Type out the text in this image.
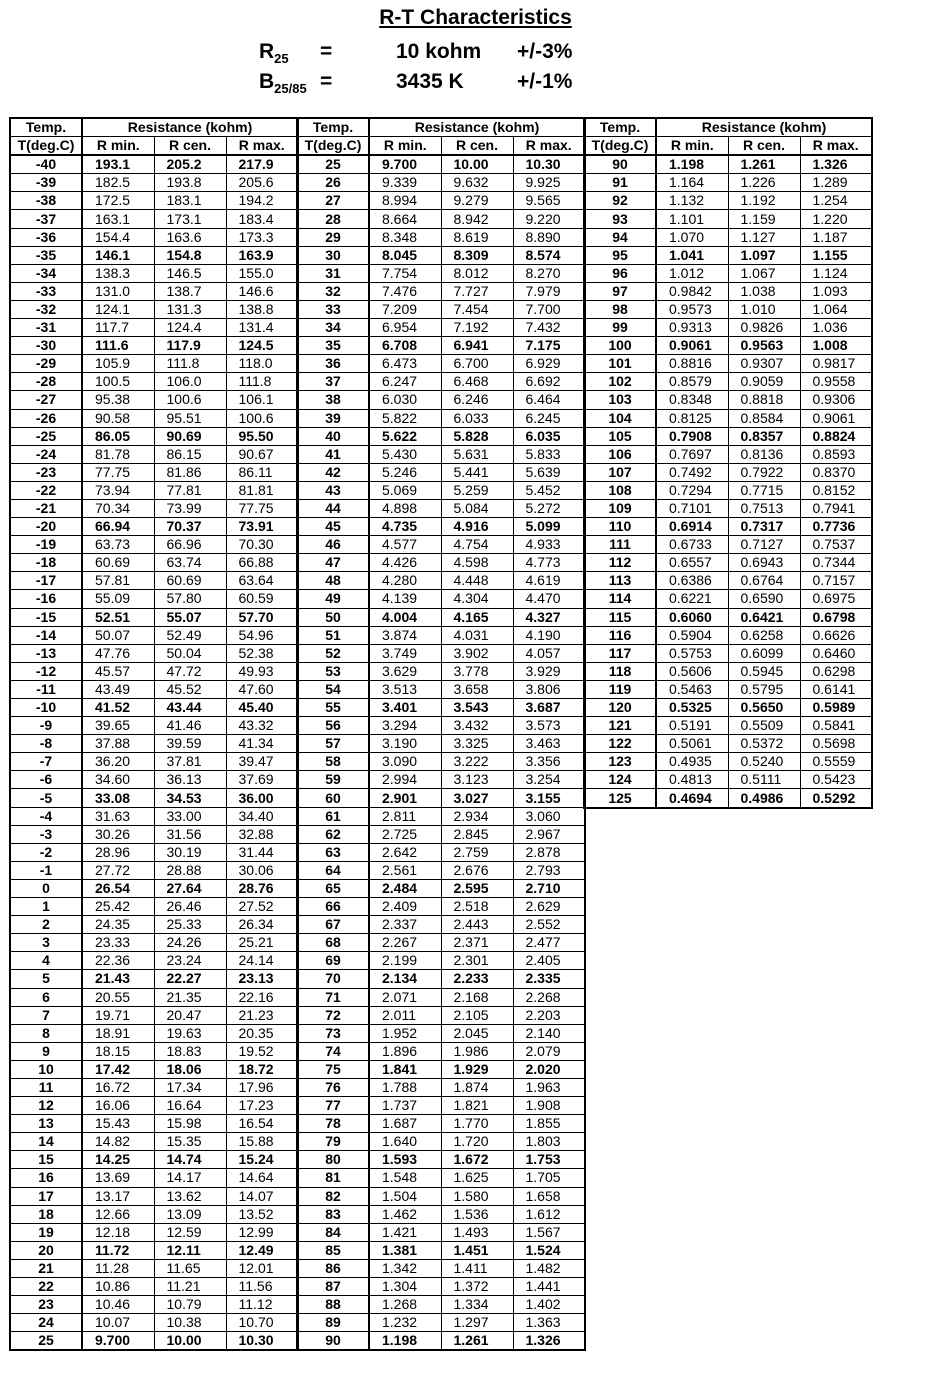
R-T Characteristics
$R_{25}$	=	10 kohm	+/-3%
$B_{25/85}$ =	3435 K	+/-1%
Temp.	Resistance (kohm)		
T(deg.C)	R min.	R cen.	R max.
-40	193.1	205.2	217.9
-39	182.5	193.8	205.6
-38	172.5	183.1	194.2
-37	163.1	173.1	183.4
-36	154.4	163.6	173.3
-35	146.1	154.8	163.9
-34	138.3	146.5	155.0
-33	131.0	138.7	146.6
-32	124.1	131.3	138.8
-31	117.7	124.4	131.4
-30	111.6	117.9	124.5
-29	105.9	111.8	118.0
-28	100.5	106.0	111.8
-27	95.38	100.6	106.1
-26	90.58	95.51	100.6
-25	86.05	90.69	95.50
-24	81.78	86.15	90.67
-23	77.75	81.86	86.11
-22	73.94	77.81	81.81
-21	70.34	73.99	77.75
-20	66.94	70.37	73.91
-19	63.73	66.96	70.30
-18	60.69	63.74	66.88
-17	57.81	60.69	63.64
-16	55.09	57.80	60.59
-15	52.51	55.07	57.70
-14	50.07	52.49	54.96
-13	47.76	50.04	52.38
-12	45.57	47.72	49.93
-11	43.49	45.52	47.60
-10	41.52	43.44	45.40
-9	39.65	41.46	43.32
-8	37.88	39.59	41.34
-7	36.20	37.81	39.47
-6	34.60	36.13	37.69
-5	33.08	34.53	36.00
-4	31.63	33.00	34.40
-3	30.26	31.56	32.88
-2	28.96	30.19	31.44
-1	27.72	28.88	30.06
0	26.54	27.64	28.76
1	25.42	26.46	27.52
2	24.35	25.33	26.34
3	23.33	24.26	25.21
4	22.36	23.24	24.14
5	21.43	22.27	23.13
6	20.55	21.35	22.16
7	19.71	20.47	21.23
8	18.91	19.63	20.35
9	18.15	18.83	19.52
10	17.42	18.06	18.72
11	16.72	17.34	17.96
12	16.06	16.64	17.23
13	15.43	15.98	16.54
14	14.82	15.35	15.88
15	14.25	14.74	15.24
16	13.69	14.17	14.64
17	13.17	13.62	14.07
18	12.66	13.09	13.52
19	12.18	12.59	12.99
20	11.72	12.11	12.49
21	11.28	11.65	12.01
22	10.86	11.21	11.56
23	10.46	10.79	11.12
24	10.07	10.38	10.70
25	9.700	10.00	10.30
Temp.	Resistance (kohm)		
T(deg.C)	R min.	R cen.	R max.
25	9.700	10.00	10.30
26	9.339	9.632	9.925
27	8.994	9.279	9.565
28	8.664	8.942	9.220
29	8.348	8.619	8.890
30	8.045	8.309	8.574
31	7.754	8.012	8.270
32	7.476	7.727	7.979
33	7.209	7.454	7.700
34	6.954	7.192	7.432
35	6.708	6.941	7.175
36	6.473	6.700	6.929
37	6.247	6.468	6.692
38	6.030	6.246	6.464
39	5.822	6.033	6.245
40	5.622	5.828	6.035
41	5.430	5.631	5.833
42	5.246	5.441	5.639
43	5.069	5.259	5.452
44	4.898	5.084	5.272
45	4.735	4.916	5.099
46	4.577	4.754	4.933
47	4.426	4.598	4.773
48	4.280	4.448	4.619
49	4.139	4.304	4.470
50	4.004	4.165	4.327
51	3.874	4.031	4.190
52	3.749	3.902	4.057
53	3.629	3.778	3.929
54	3.513	3.658	3.806
55	3.401	3.543	3.687
56	3.294	3.432	3.573
57	3.190	3.325	3.463
58	3.090	3.222	3.356
59	2.994	3.123	3.254
60	2.901	3.027	3.155
61	2.811	2.934	3.060
62	2.725	2.845	2.967
63	2.642	2.759	2.878
64	2.561	2.676	2.793
65	2.484	2.595	2.710
66	2.409	2.518	2.629
67	2.337	2.443	2.552
68	2.267	2.371	2.477
69	2.199	2.301	2.405
70	2.134	2.233	2.335
71	2.071	2.168	2.268
72	2.011	2.105	2.203
73	1.952	2.045	2.140
74	1.896	1.986	2.079
75	1.841	1.929	2.020
76	1.788	1.874	1.963
77	1.737	1.821	1.908
78	1.687	1.770	1.855
79	1.640	1.720	1.803
80	1.593	1.672	1.753
81	1.548	1.625	1.705
82	1.504	1.580	1.658
83	1.462	1.536	1.612
84	1.421	1.493	1.567
85	1.381	1.451	1.524
86	1.342	1.411	1.482
87	1.304	1.372	1.441
88	1.268	1.334	1.402
89	1.232	1.297	1.363
90	1.198	1.261	1.326
Temp.	Resistance (kohm)		
T(deg.C)	R min.	R cen.	R max.
90	1.198	1.261	1.326
91	1.164	1.226	1.289
92	1.132	1.192	1.254
93	1.101	1.159	1.220
94	1.070	1.127	1.187
95	1.041	1.097	1.155
96	1.012	1.067	1.124
97	0.9842	1.038	1.093
98	0.9573	1.010	1.064
99	0.9313	0.9826	1.036
100	0.9061	0.9563	1.008
101	0.8816	0.9307	0.9817
102	0.8579	0.9059	0.9558
103	0.8348	0.8818	0.9306
104	0.8125	0.8584	0.9061
105	0.7908	0.8357	0.8824
106	0.7697	0.8136	0.8593
107	0.7492	0.7922	0.8370
108	0.7294	0.7715	0.8152
109	0.7101	0.7513	0.7941
110	0.6914	0.7317	0.7736
111	0.6733	0.7127	0.7537
112	0.6557	0.6943	0.7344
113	0.6386	0.6764	0.7157
114	0.6221	0.6590	0.6975
115	0.6060	0.6421	0.6798
116	0.5904	0.6258	0.6626
117	0.5753	0.6099	0.6460
118	0.5606	0.5945	0.6298
119	0.5463	0.5795	0.6141
120	0.5325	0.5650	0.5989
121	0.5191	0.5509	0.5841
122	0.5061	0.5372	0.5698
123	0.4935	0.5240	0.5559
124	0.4813	0.5111	0.5423
125	0.4694	0.4986	0.5292
